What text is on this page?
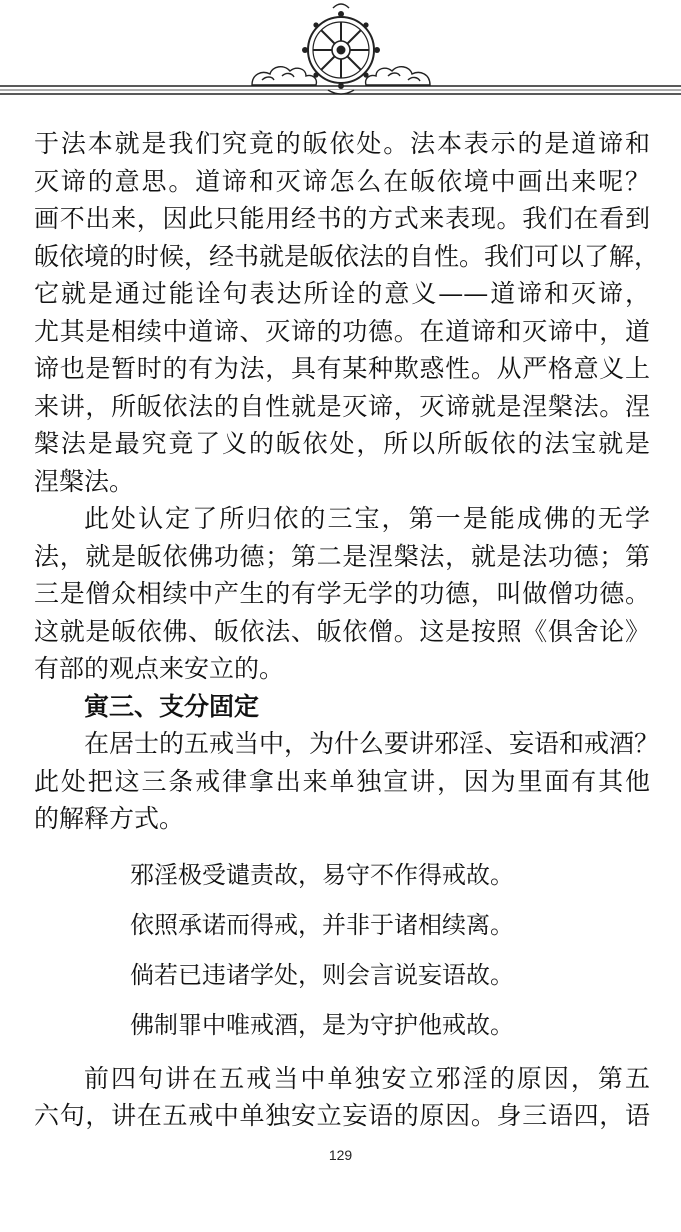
于法本就是我们究竟的皈依处。法本表示的是道谛和
灭谛的意思。道谛和灭谛怎么在皈依境中画出来呢？
画不出来，因此只能用经书的方式来表现。我们在看到
皈依境的时候，经书就是皈依法的自性。我们可以了解，
它就是通过能诠句表达所诠的意义——道谛和灭谛，
尤其是相续中道谛、灭谛的功德。在道谛和灭谛中，道
谛也是暂时的有为法，具有某种欺惑性。从严格意义上
来讲，所皈依法的自性就是灭谛，灭谛就是涅槃法。涅
槃法是最究竟了义的皈依处，所以所皈依的法宝就是
涅槃法。
此处认定了所归依的三宝，第一是能成佛的无学
法，就是皈依佛功德；第二是涅槃法，就是法功德；第
三是僧众相续中产生的有学无学的功德，叫做僧功德。
这就是皈依佛、皈依法、皈依僧。这是按照《俱舍论》
有部的观点来安立的。
寅三、支分固定
在居士的五戒当中，为什么要讲邪淫、妄语和戒酒？
此处把这三条戒律拿出来单独宣讲，因为里面有其他
的解释方式。
邪淫极受谴责故，易守不作得戒故。
依照承诺而得戒，并非于诸相续离。
倘若已违诸学处，则会言说妄语故。
佛制罪中唯戒酒，是为守护他戒故。
前四句讲在五戒当中单独安立邪淫的原因，第五
六句，讲在五戒中单独安立妄语的原因。身三语四，语
129
